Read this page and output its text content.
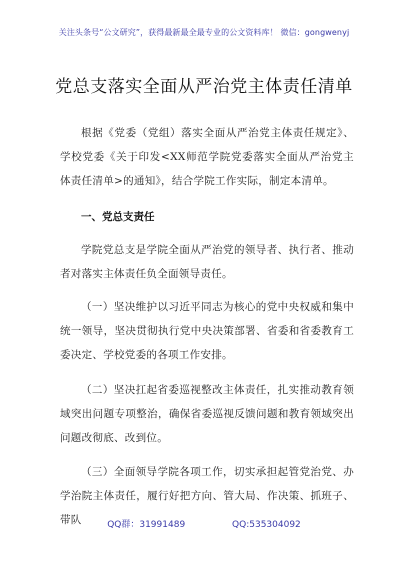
关注头条号“公文研究”，获得最新最全最专业的公文资料库！ 微信：gongwenyj
党总支落实全面从严治党主体责任清单

根据《党委（党组）落实全面从严治党主体责任规定》、学校党委《关于印发<XX师范学院党委落实全面从严治党主体责任清单>的通知》，结合学院工作实际，制定本清单。

一、党总支责任

学院党总支是学院全面从严治党的领导者、执行者、推动者对落实主体责任负全面领导责任。

（一）坚决维护以习近平同志为核心的党中央权威和集中统一领导，坚决贯彻执行党中央决策部署、省委和省委教育工委决定、学校党委的各项工作安排。

（二）坚决扛起省委巡视整改主体责任，扎实推动教育领域突出问题专项整治，确保省委巡视反馈问题和教育领域突出问题改彻底、改到位。

（三）全面领导学院各项工作，切实承担起管党治党、办学治院主体责任，履行好把方向、管大局、作决策、抓班子、带队	QQ群：31991489	QQ:535304092
